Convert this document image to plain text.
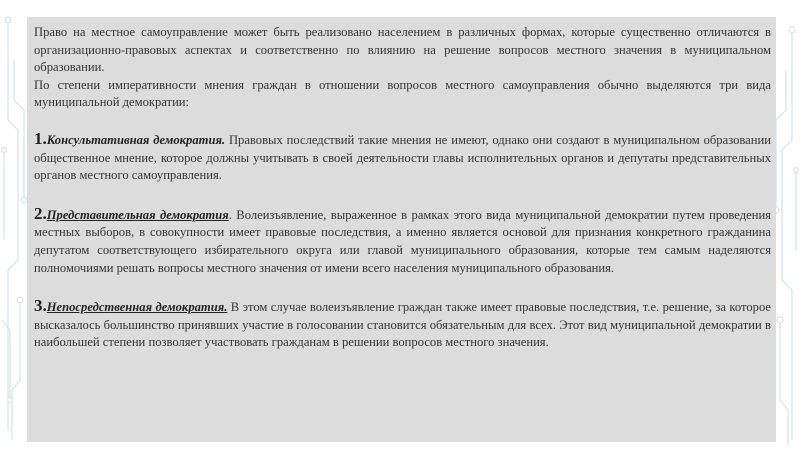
Право на местное самоуправление может быть реализовано населением в различных формах, которые существенно отличаются в организационно-правовых аспектах и соответственно по влиянию на решение вопросов местного значения в муниципальном образовании.

По степени императивности мнения граждан в отношении вопросов местного самоуправления обычно выделяются три вида муниципальной демократии:

1.Консультативная демократия. Правовых последствий такие мнения не имеют, однако они создают в муниципальном образовании общественное мнение, которое должны учитывать в своей деятельности главы исполнительных органов и депутаты представительных органов местного самоуправления.

2.Представительная демократия. Волеизъявление, выраженное в рамках этого вида муниципальной демократии путем проведения местных выборов, в совокупности имеет правовые последствия, а именно является основой для признания конкретного гражданина депутатом соответствующего избирательного округа или главой муниципального образования, которые тем самым наделяются полномочиями решать вопросы местного значения от имени всего населения муниципального образования.

3.Непосредственная демократия. В этом случае волеизъявление граждан также имеет правовые последствия, т.е. решение, за которое высказалось большинство принявших участие в голосовании становится обязательным для всех. Этот вид муниципальной демократии в наибольшей степени позволяет участвовать гражданам в решении вопросов местного значения.
